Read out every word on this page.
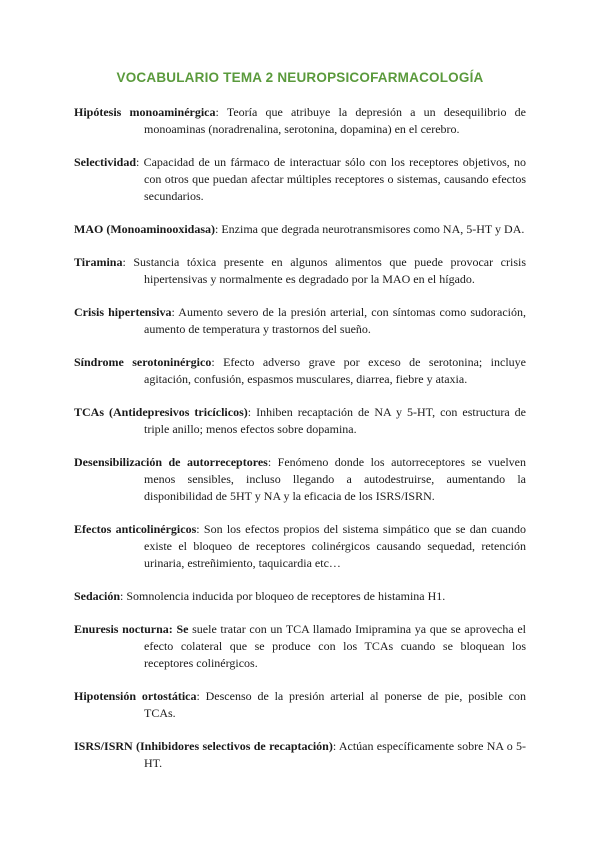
VOCABULARIO TEMA 2 NEUROPSICOFARMACOLOGÍA

Hipótesis monoaminérgica: Teoría que atribuye la depresión a un desequilibrio de monoaminas (noradrenalina, serotonina, dopamina) en el cerebro.

Selectividad: Capacidad de un fármaco de interactuar sólo con los receptores objetivos, no con otros que puedan afectar múltiples receptores o sistemas, causando efectos secundarios.

MAO (Monoaminooxidasa): Enzima que degrada neurotransmisores como NA, 5-HT y DA.

Tiramina: Sustancia tóxica presente en algunos alimentos que puede provocar crisis hipertensivas y normalmente es degradado por la MAO en el hígado.

Crisis hipertensiva: Aumento severo de la presión arterial, con síntomas como sudoración, aumento de temperatura y trastornos del sueño.

Síndrome serotoninérgico: Efecto adverso grave por exceso de serotonina; incluye agitación, confusión, espasmos musculares, diarrea, fiebre y ataxia.

TCAs (Antidepresivos tricíclicos): Inhiben recaptación de NA y 5-HT, con estructura de triple anillo; menos efectos sobre dopamina.

Desensibilización de autorreceptores: Fenómeno donde los autorreceptores se vuelven menos sensibles, incluso llegando a autodestruirse, aumentando la disponibilidad de 5HT y NA y la eficacia de los ISRS/ISRN.

Efectos anticolinérgicos: Son los efectos propios del sistema simpático que se dan cuando existe el bloqueo de receptores colinérgicos causando sequedad, retención urinaria, estreñimiento, taquicardia etc…

Sedación: Somnolencia inducida por bloqueo de receptores de histamina H1.

Enuresis nocturna: Se suele tratar con un TCA llamado Imipramina ya que se aprovecha el efecto colateral que se produce con los TCAs cuando se bloquean los receptores colinérgicos.

Hipotensión ortostática: Descenso de la presión arterial al ponerse de pie, posible con TCAs.

ISRS/ISRN (Inhibidores selectivos de recaptación): Actúan específicamente sobre NA o 5-HT.
